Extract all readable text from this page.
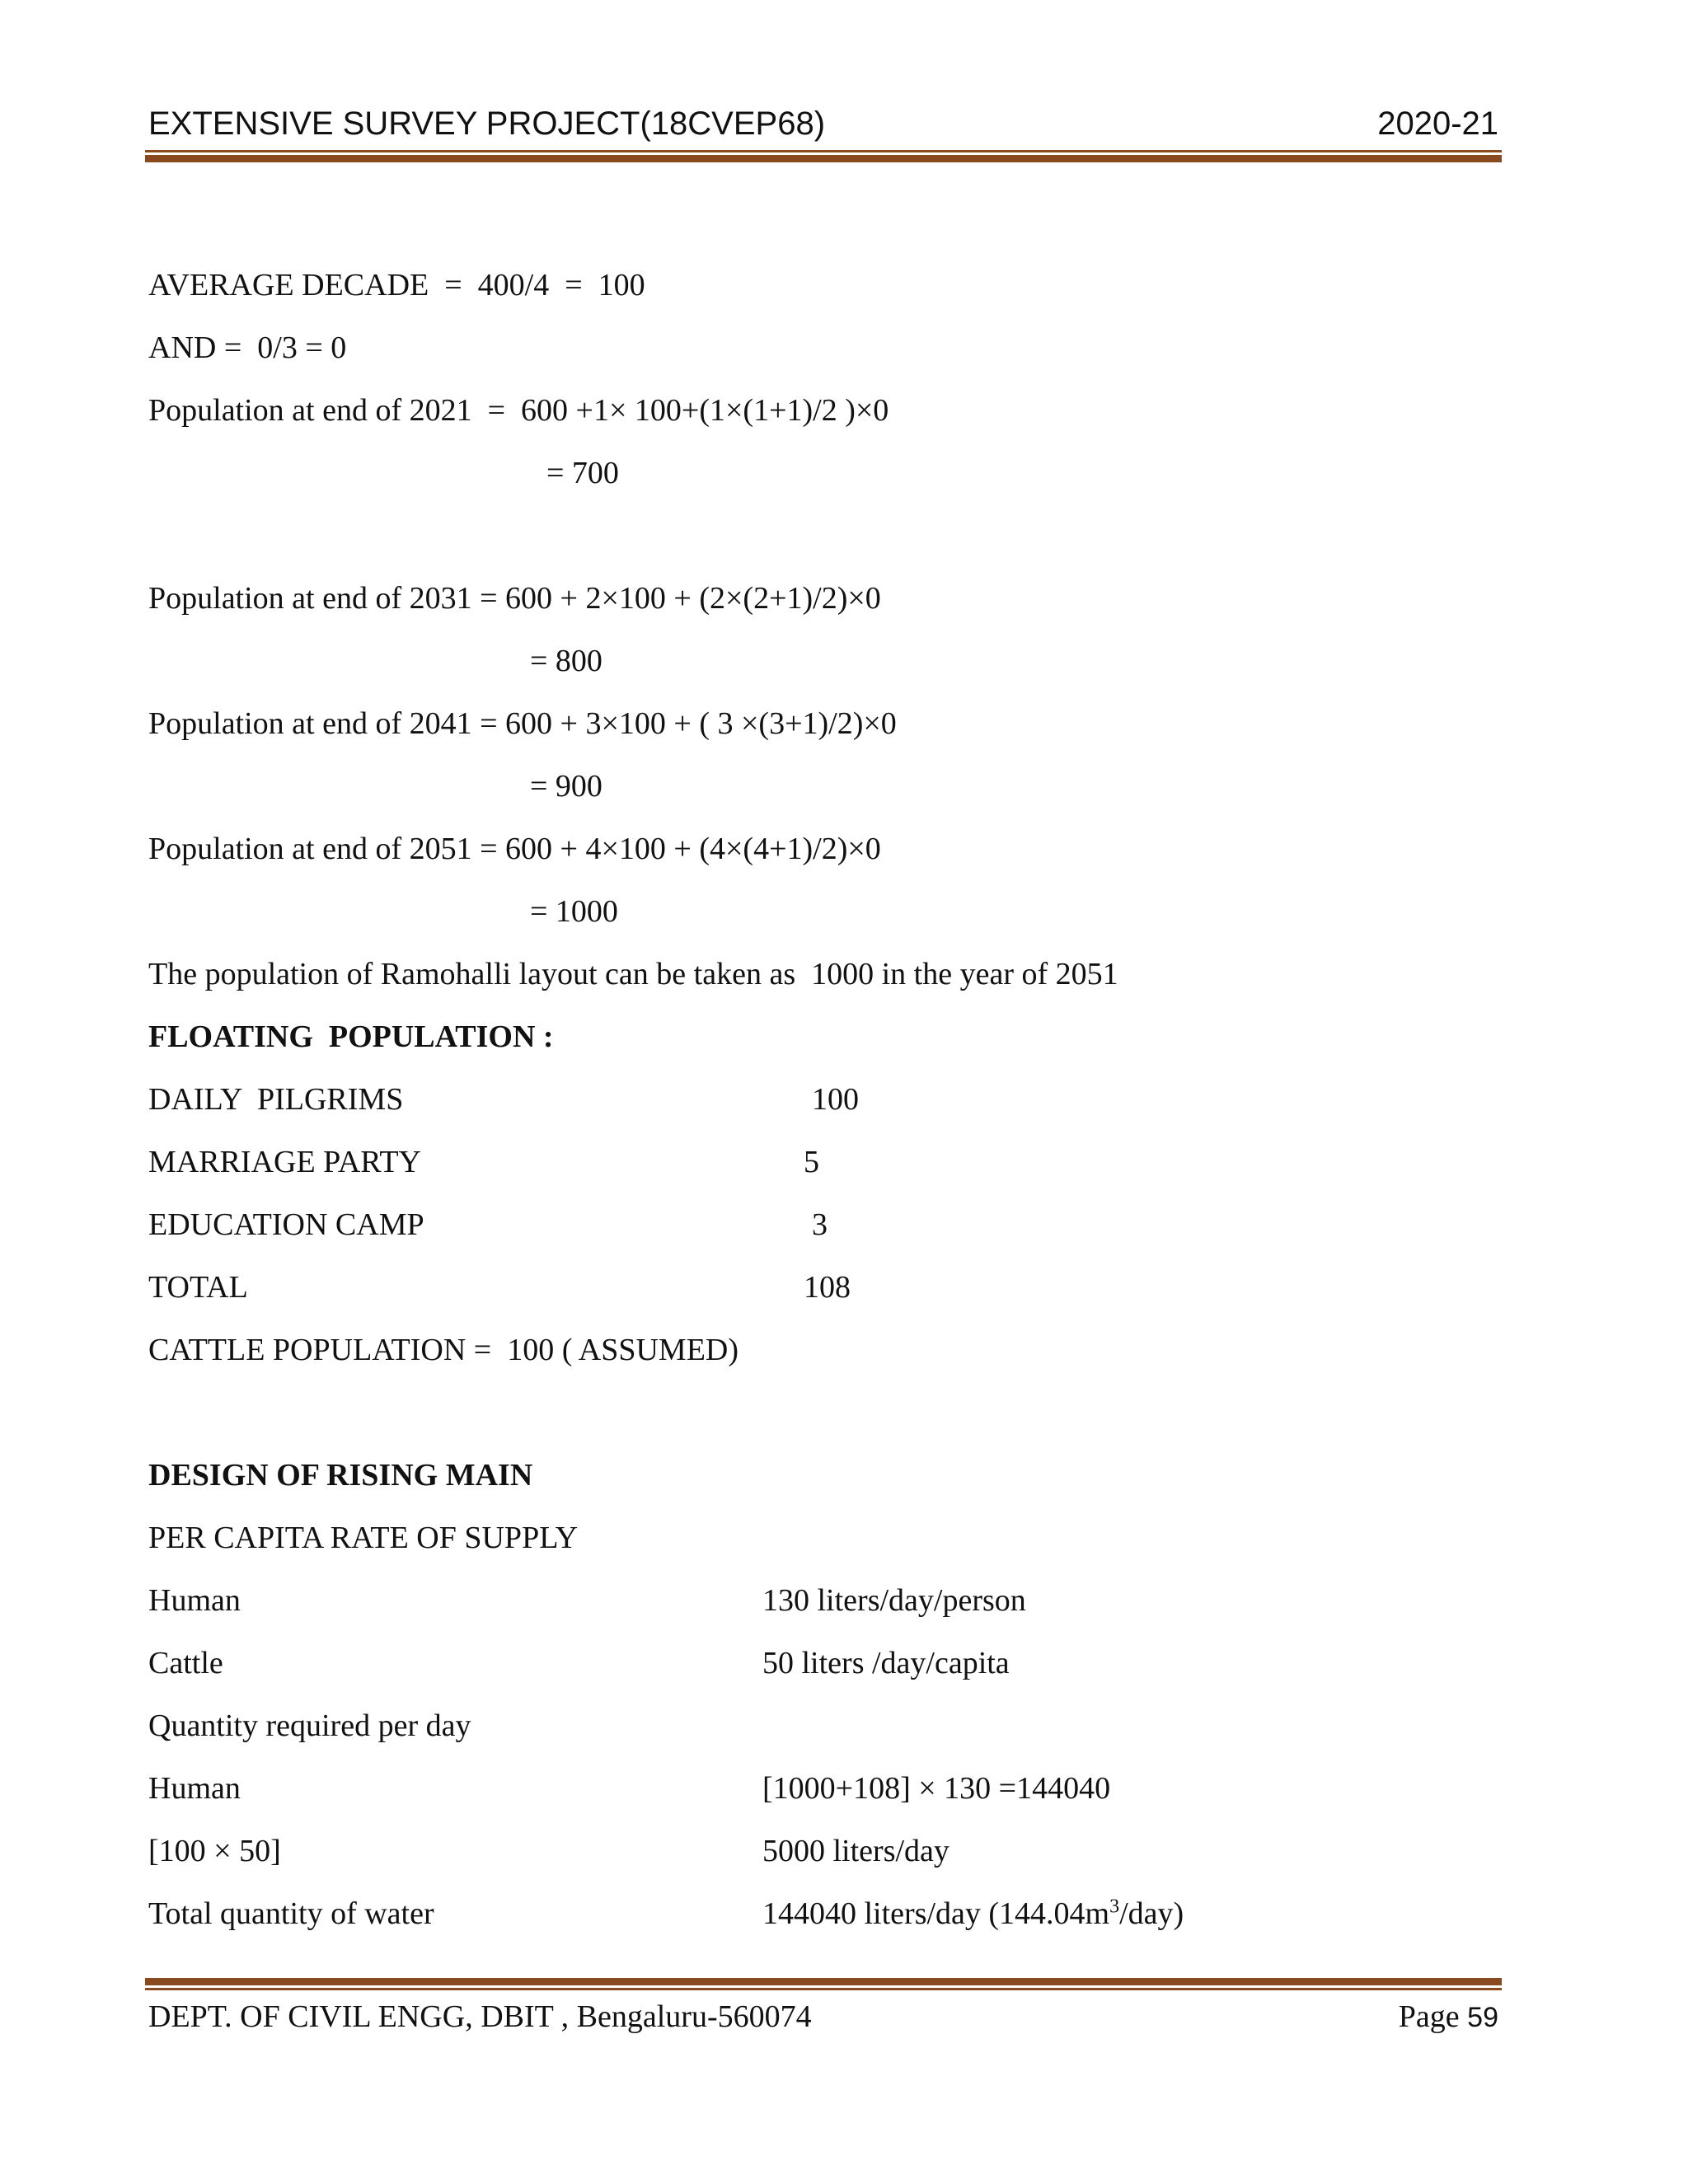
EXTENSIVE SURVEY PROJECT(18CVEP68)	2020-21
AVERAGE DECADE  =  400/4  =  100
AND =  0/3 = 0
Population at end of 2021  =  600 +1× 100+(1×(1+1)/2 )×0
= 700
Population at end of 2031 = 600 + 2×100 + (2×(2+1)/2)×0
= 800
Population at end of 2041 = 600 + 3×100 + ( 3 ×(3+1)/2)×0
= 900
Population at end of 2051 = 600 + 4×100 + (4×(4+1)/2)×0
= 1000
The population of Ramohalli layout can be taken as  1000 in the year of 2051
FLOATING  POPULATION :
DAILY  PILGRIMS	100
MARRIAGE PARTY	5
EDUCATION CAMP	3
TOTAL	108
CATTLE POPULATION =  100 ( ASSUMED)
DESIGN OF RISING MAIN
PER CAPITA RATE OF SUPPLY
Human	130 liters/day/person
Cattle	50 liters /day/capita
Quantity required per day
Human	[1000+108] × 130 =144040
[100 × 50]	5000 liters/day
Total quantity of water	144040 liters/day $(144.04m^3/day)$
DEPT. OF CIVIL ENGG, DBIT , Bengaluru-560074	Page 59
